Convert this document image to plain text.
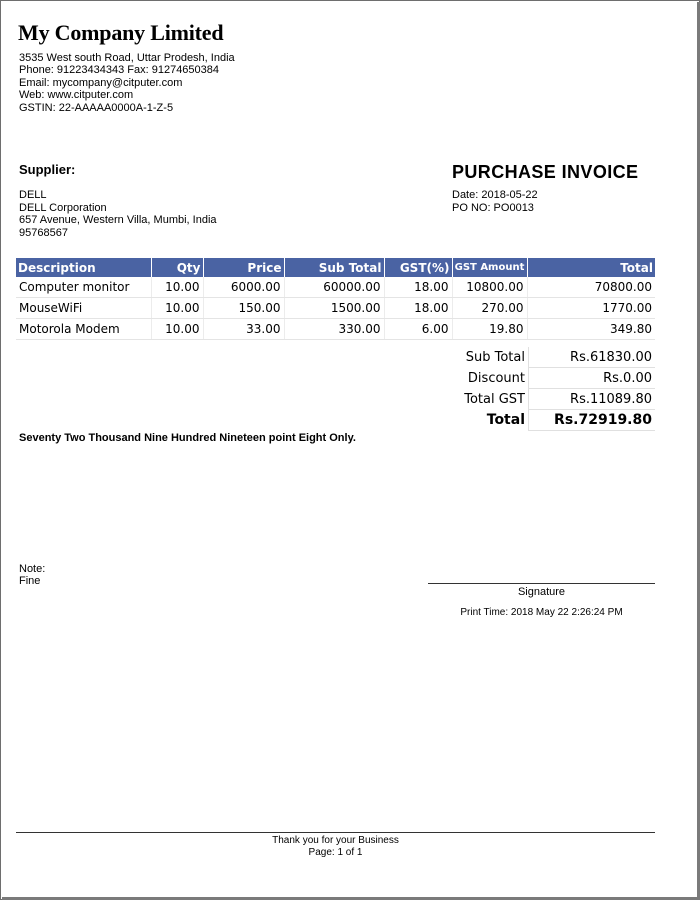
My Company Limited
3535 West south Road, Uttar Prodesh, India
Phone: 91223434343 Fax: 91274650384
Email: mycompany@citputer.com
Web: www.citputer.com
GSTIN: 22-AAAAA0000A-1-Z-5
Supplier:
DELL
DELL Corporation
657 Avenue, Western Villa, Mumbi, India
95768567
PURCHASE INVOICE
Date: 2018-05-22
PO NO: PO0013
Description	Qty	Price	Sub Total	GST(%)	GST Amount	Total
Computer monitor	10.00	6000.00	60000.00	18.00	10800.00	70800.00
MouseWiFi	10.00	150.00	1500.00	18.00	270.00	1770.00
Motorola Modem	10.00	33.00	330.00	6.00	19.80	349.80
Sub Total	Rs.61830.00
Discount	Rs.0.00
Total GST	Rs.11089.80
Total	Rs.72919.80
Seventy Two Thousand Nine Hundred Nineteen point Eight Only.
Note:
Fine
Signature
Print Time: 2018 May 22 2:26:24 PM
Thank you for your Business
Page: 1 of 1
